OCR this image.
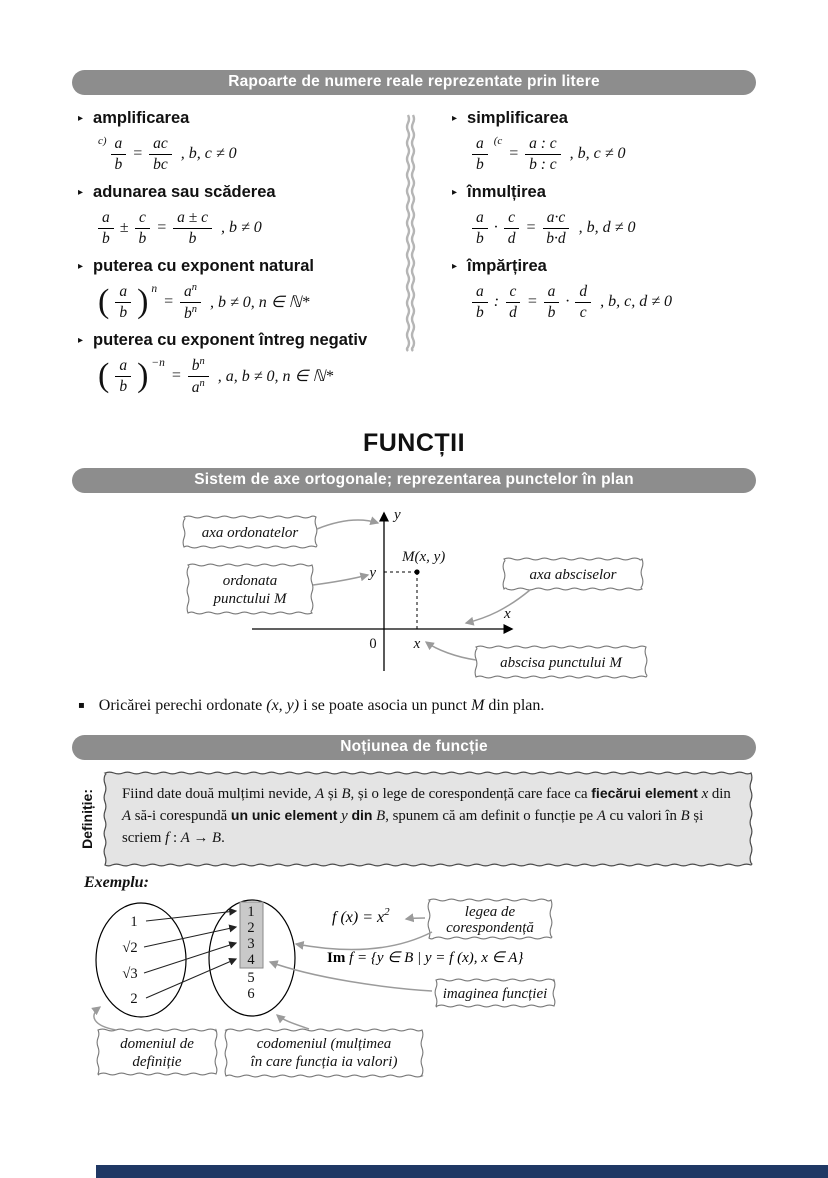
Rapoarte de numere reale reprezentate prin litere
▸ amplificarea
$c) \frac{a}{b} = \frac{ac}{bc}$ , b, c ≠ 0
▸ adunarea sau scăderea
$\frac{a}{b} \pm \frac{c}{b} = \frac{a \pm c}{b}$ , b ≠ 0
▸ puterea cu exponent natural
( $\frac{a}{b}$ ) n
= $\frac{a^n}{b^n}$ , b ≠ 0, n ∈ ℕ*
▸ puterea cu exponent întreg negativ
( $\frac{a}{b}$ ) −n
= $\frac{b^n}{a^n}$ , a, b ≠ 0, n ∈ ℕ*
▸ simplificarea
$\frac{a}{b} (c$
= $\frac{a : c}{b : c}$ , b, c ≠ 0
▸ înmulțirea
$\frac{a}{b} \cdot \frac{c}{d} = \frac{a\cdot c}{b\cdot d}$ , b, d ≠ 0
▸ împărțirea
$\frac{a}{b}$ : $\frac{c}{d} = \frac{a}{b} \cdot \frac{d}{c}$ , b, c, d ≠ 0
FUNCȚII
Sistem de axe ortogonale; reprezentarea punctelor în plan
y
x
0
M(x, y)
y
x
axa ordonatelor
ordonata
punctului M
axa absciselor
abscisa punctului M
▪ Oricărei perechi ordonate (x, y) i se poate asocia un punct M din plan.
Noțiunea de funcție
Definiție: Fiind date două mulțimi nevide, A și B, și o lege de corespondență care face ca fiecărui element x din A să-i corespundă un unic element y din B, spunem că am definit o funcție pe A cu valori în B și scriem f : A → B.
Exemplu:
1
√2
√3
2
1
2
3
4
5
6
f $(x) = x^2$	legea de
corespondență
Im f = {y ∈ B | y = f (x), x ∈ A}
imaginea funcției
domeniul de
definiție
codomeniul (mulțimea
în care funcția ia valori)
